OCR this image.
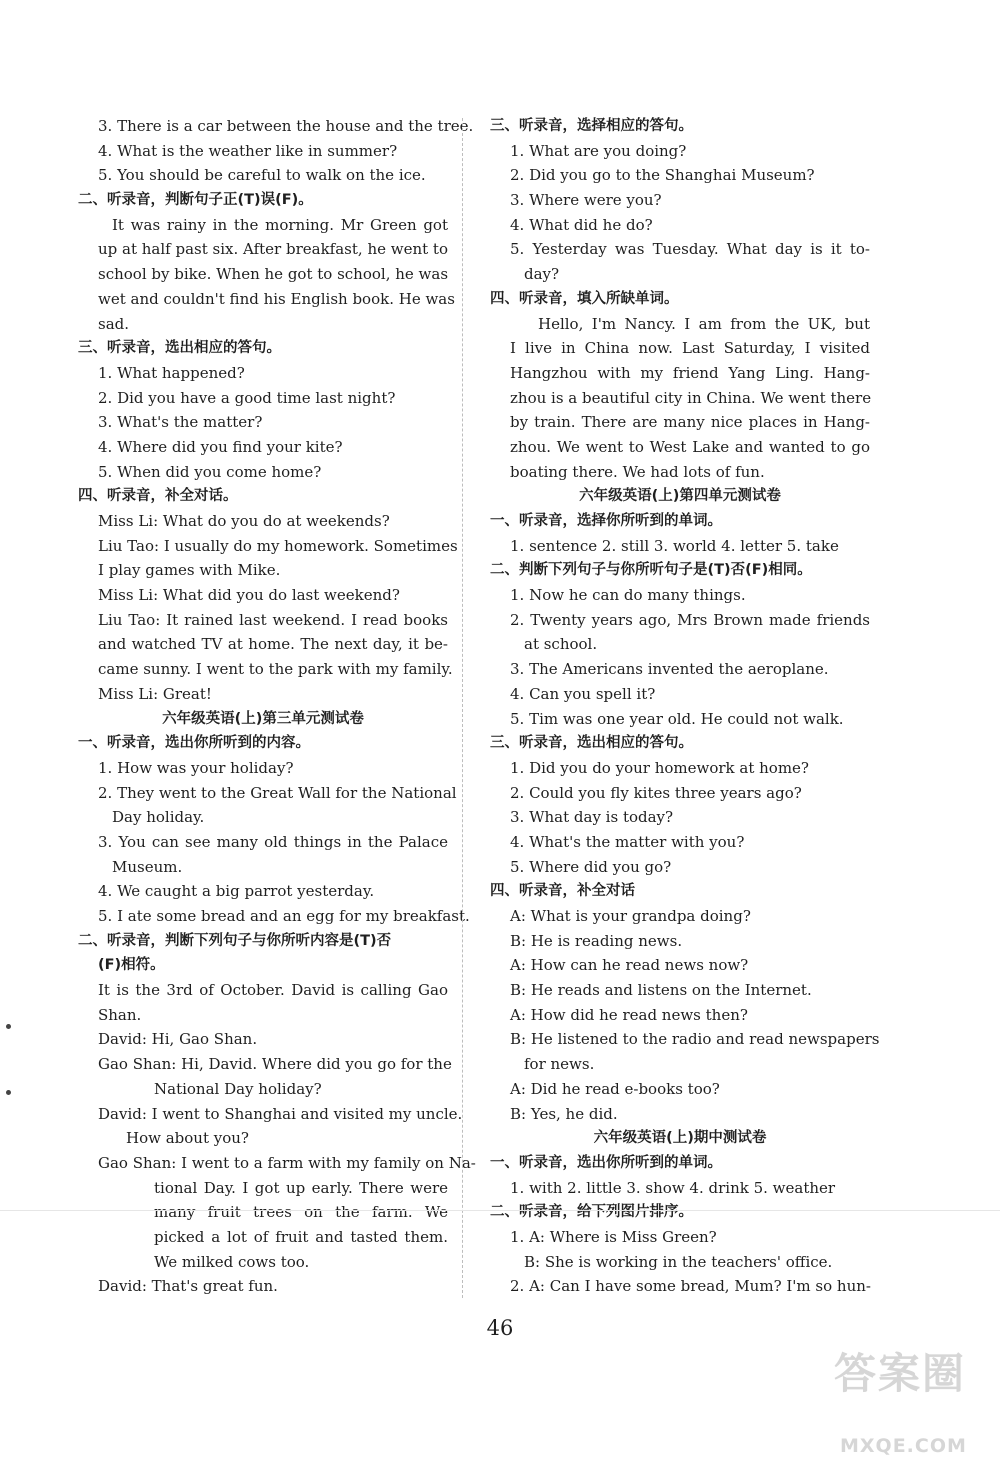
3. There is a car between the house and the tree.
4. What is the weather like in summer?
5. You should be careful to walk on the ice.
二、听录音，判断句子正(T)误(F)。
It was rainy in the morning. Mr Green got
up at half past six. After breakfast, he went to
school by bike. When he got to school, he was
wet and couldn't find his English book. He was
sad.
三、听录音，选出相应的答句。
1. What happened?
2. Did you have a good time last night?
3. What's the matter?
4. Where did you find your kite?
5. When did you come home?
四、听录音，补全对话。
Miss Li: What do you do at weekends?
Liu Tao: I usually do my homework. Sometimes
I play games with Mike.
Miss Li: What did you do last weekend?
Liu Tao: It rained last weekend. I read books
and watched TV at home. The next day, it be-
came sunny. I went to the park with my family.
Miss Li: Great!
六年级英语(上)第三单元测试卷
一、听录音，选出你所听到的内容。
1. How was your holiday?
2. They went to the Great Wall for the National
Day holiday.
3. You can see many old things in the Palace
Museum.
4. We caught a big parrot yesterday.
5. I ate some bread and an egg for my breakfast.
二、听录音，判断下列句子与你所听内容是(T)否
(F)相符。
It is the 3rd of October. David is calling Gao
Shan.
David: Hi, Gao Shan.
Gao Shan: Hi, David. Where did you go for the
National Day holiday?
David: I went to Shanghai and visited my uncle.
How about you?
Gao Shan: I went to a farm with my family on Na-
tional Day. I got up early. There were
many fruit trees on the farm. We
picked a lot of fruit and tasted them.
We milked cows too.
David: That's great fun.
三、听录音，选择相应的答句。
1. What are you doing?
2. Did you go to the Shanghai Museum?
3. Where were you?
4. What did he do?
5. Yesterday was Tuesday. What day is it to-
day?
四、听录音，填入所缺单词。
Hello, I'm Nancy. I am from the UK, but
I live in China now. Last Saturday, I visited
Hangzhou with my friend Yang Ling. Hang-
zhou is a beautiful city in China. We went there
by train. There are many nice places in Hang-
zhou. We went to West Lake and wanted to go
boating there. We had lots of fun.
六年级英语(上)第四单元测试卷
一、听录音，选择你所听到的单词。
1. sentence 2. still 3. world 4. letter 5. take
二、判断下列句子与你所听句子是(T)否(F)相同。
1. Now he can do many things.
2. Twenty years ago, Mrs Brown made friends
at school.
3. The Americans invented the aeroplane.
4. Can you spell it?
5. Tim was one year old. He could not walk.
三、听录音，选出相应的答句。
1. Did you do your homework at home?
2. Could you fly kites three years ago?
3. What day is today?
4. What's the matter with you?
5. Where did you go?
四、听录音，补全对话
A: What is your grandpa doing?
B: He is reading news.
A: How can he read news now?
B: He reads and listens on the Internet.
A: How did he read news then?
B: He listened to the radio and read newspapers
for news.
A: Did he read e-books too?
B: Yes, he did.
六年级英语(上)期中测试卷
一、听录音，选出你所听到的单词。
1. with 2. little 3. show 4. drink 5. weather
二、听录音，给下列图片排序。
1. A: Where is Miss Green?
B: She is working in the teachers' office.
2. A: Can I have some bread, Mum? I'm so hun-
46
答案圈
MXQE.COM
